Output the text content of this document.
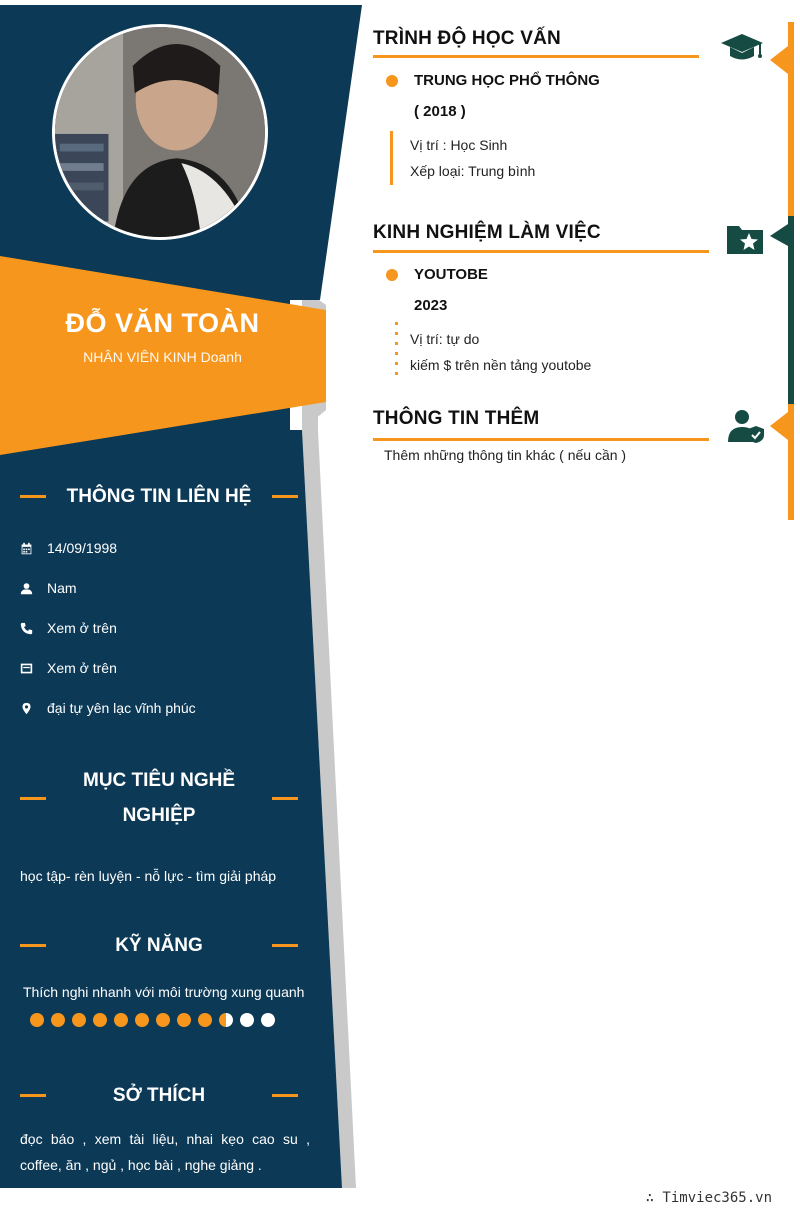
ĐỖ VĂN TOÀN
NHÂN VIÊN KINH Doanh
THÔNG TIN LIÊN HỆ
14/09/1998
Nam
Xem ở trên
Xem ở trên
đại tự yên lạc vĩnh phúc
MỤC TIÊU NGHỀ NGHIỆP
học tập- rèn luyện - nỗ lực - tìm giải pháp
KỸ NĂNG
Thích nghi nhanh với môi trường xung quanh
SỞ THÍCH
đọc báo , xem tài liệu, nhai kẹo cao su , coffee, ăn , ngủ , học bài , nghe giảng .
TRÌNH ĐỘ HỌC VẤN
TRUNG HỌC PHỔ THÔNG
( 2018 )
Vị trí : Học Sinh
Xếp loại: Trung bình
KINH NGHIỆM LÀM VIỆC
YOUTOBE
2023
Vị trí: tự do
kiếm $ trên nền tảng youtobe
THÔNG TIN THÊM
Thêm những thông tin khác ( nếu cần )
∴ Timviec365.vn
